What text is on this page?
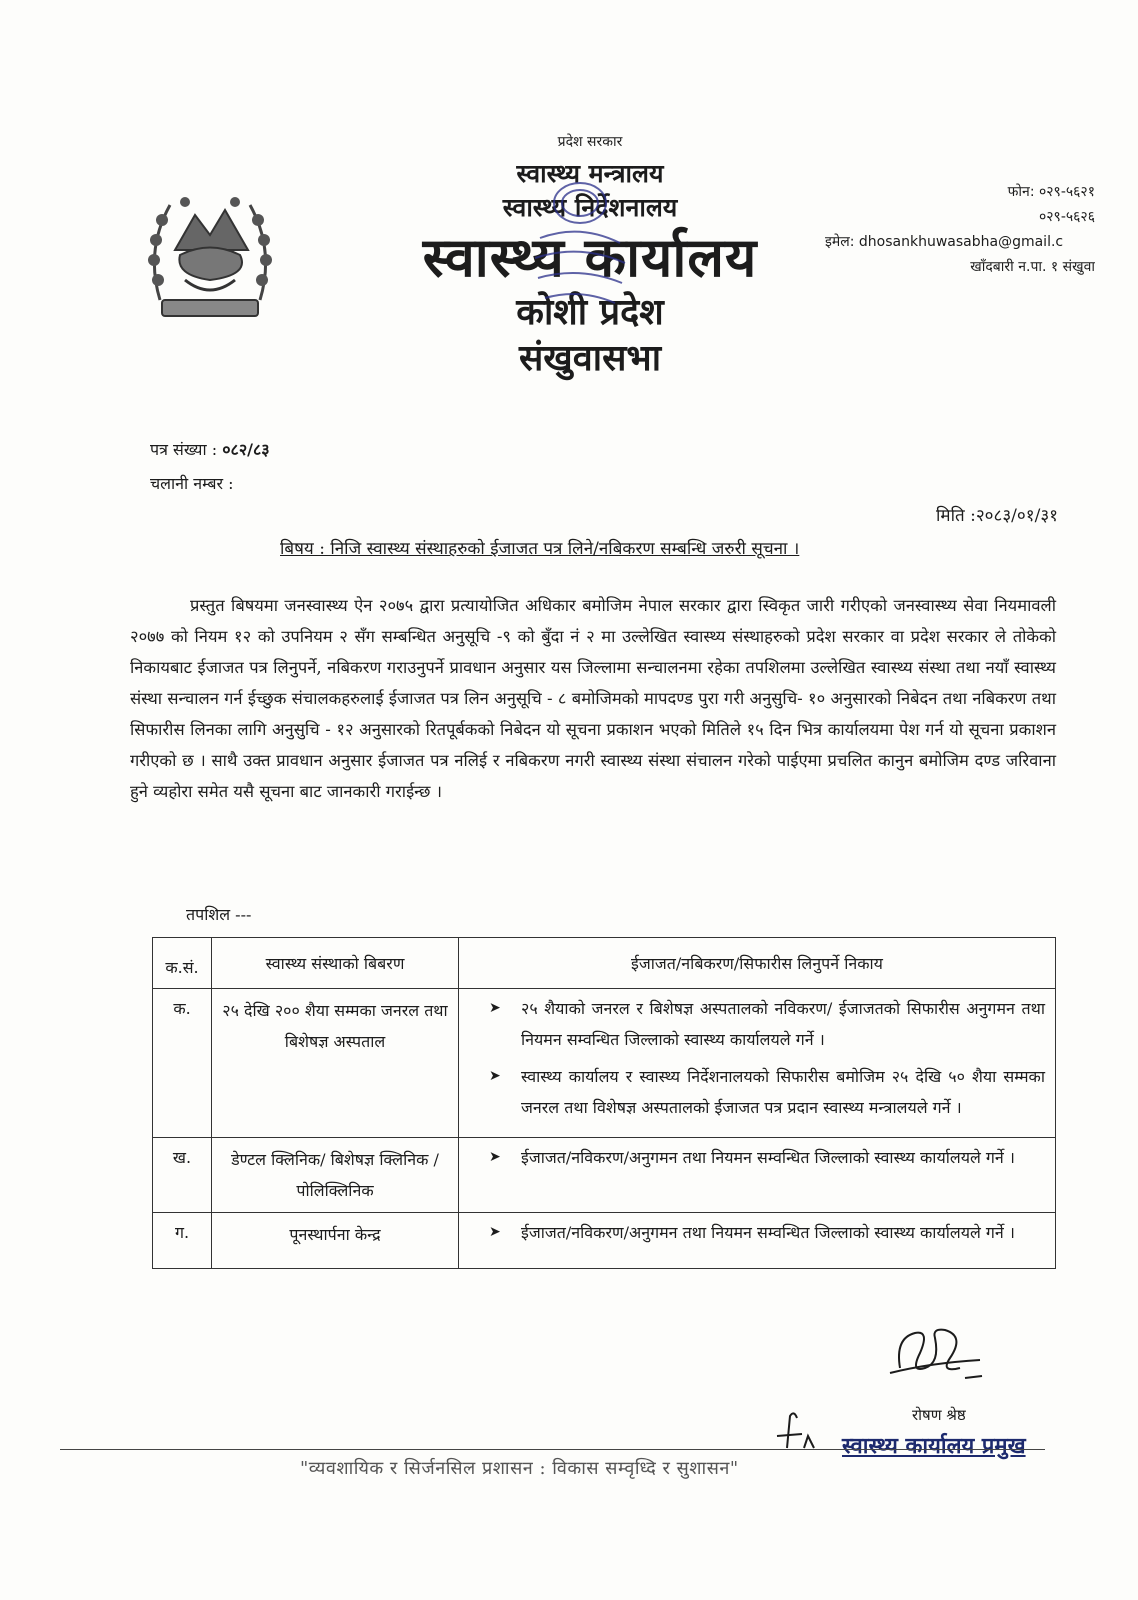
प्रदेश सरकार
स्वास्थ्य मन्त्रालय
स्वास्थ्य निर्देशनालय
स्वास्थ्य कार्यालय
कोशी प्रदेश
संखुवासभा
फोन: ०२९-५६२१
०२९-५६२६
इमेल: dhosankhuwasabha@gmail.c
खाँदबारी न.पा. १ संखुवा
पत्र संख्या : ०८२/८३
चलानी नम्बर :
मिति :२०८३/०१/३१
बिषय : निजि स्वास्थ्य संस्थाहरुको ईजाजत पत्र लिने/नबिकरण सम्बन्धि जरुरी सूचना ।

प्रस्तुत बिषयमा जनस्वास्थ्य ऐन २०७५ द्वारा प्रत्यायोजित अधिकार बमोजिम नेपाल सरकार द्वारा स्विकृत जारी गरीएको जनस्वास्थ्य सेवा नियमावली २०७७ को नियम १२ को उपनियम २ सँग सम्बन्धित अनुसूचि -९ को बुँदा नं २ मा उल्लेखित स्वास्थ्य संस्थाहरुको प्रदेश सरकार वा प्रदेश सरकार ले तोकेको निकायबाट ईजाजत पत्र लिनुपर्ने, नबिकरण गराउनुपर्ने प्रावधान अनुसार यस जिल्लामा सन्चालनमा रहेका तपशिलमा उल्लेखित स्वास्थ्य संस्था तथा नयाँ स्वास्थ्य संस्था सन्चालन गर्न ईच्छुक संचालकहरुलाई ईजाजत पत्र लिन अनुसूचि - ८ बमोजिमको मापदण्ड पुरा गरी अनुसुचि- १० अनुसारको निबेदन तथा नबिकरण तथा सिफारीस लिनका लागि अनुसुचि - १२ अनुसारको रितपूर्बकको निबेदन यो सूचना प्रकाशन भएको मितिले १५ दिन भित्र कार्यालयमा पेश गर्न यो सूचना प्रकाशन गरीएको छ । साथै उक्त प्रावधान अनुसार ईजाजत पत्र नलिई र नबिकरण नगरी स्वास्थ्य संस्था संचालन गरेको पाईएमा प्रचलित कानुन बमोजिम दण्ड जरिवाना हुने व्यहोरा समेत यसै सूचना बाट जानकारी गराईन्छ ।

तपशिल ---
क.सं.	स्वास्थ्य संस्थाको बिबरण	ईजाजत/नबिकरण/सिफारीस लिनुपर्ने निकाय
क.	२५ देखि २०० शैया सम्मका जनरल तथा बिशेषज्ञ अस्पताल	➤ २५ शैयाको जनरल र बिशेषज्ञ अस्पतालको नविकरण/ ईजाजतको सिफारीस अनुगमन तथा नियमन सम्वन्धित जिल्लाको स्वास्थ्य कार्यालयले गर्ने ।

➤ स्वास्थ्य कार्यालय र स्वास्थ्य निर्देशनालयको सिफारीस बमोजिम २५ देखि ५० शैया सम्मका जनरल तथा विशेषज्ञ अस्पतालको ईजाजत पत्र प्रदान स्वास्थ्य मन्त्रालयले गर्ने ।

ख.	डेण्टल क्लिनिक/ बिशेषज्ञ क्लिनिक /पोलिक्लिनिक	➤ ईजाजत/नविकरण/अनुगमन तथा नियमन सम्वन्धित जिल्लाको स्वास्थ्य कार्यालयले गर्ने ।

ग.	पूनस्थार्पना केन्द्र	➤ ईजाजत/नविकरण/अनुगमन तथा नियमन सम्वन्धित जिल्लाको स्वास्थ्य कार्यालयले गर्ने ।

रोषण श्रेष्ठ
स्वास्थ्य कार्यालय प्रमुख
"व्यवशायिक र सिर्जनसिल प्रशासन : विकास सम्वृध्दि र सुशासन"
